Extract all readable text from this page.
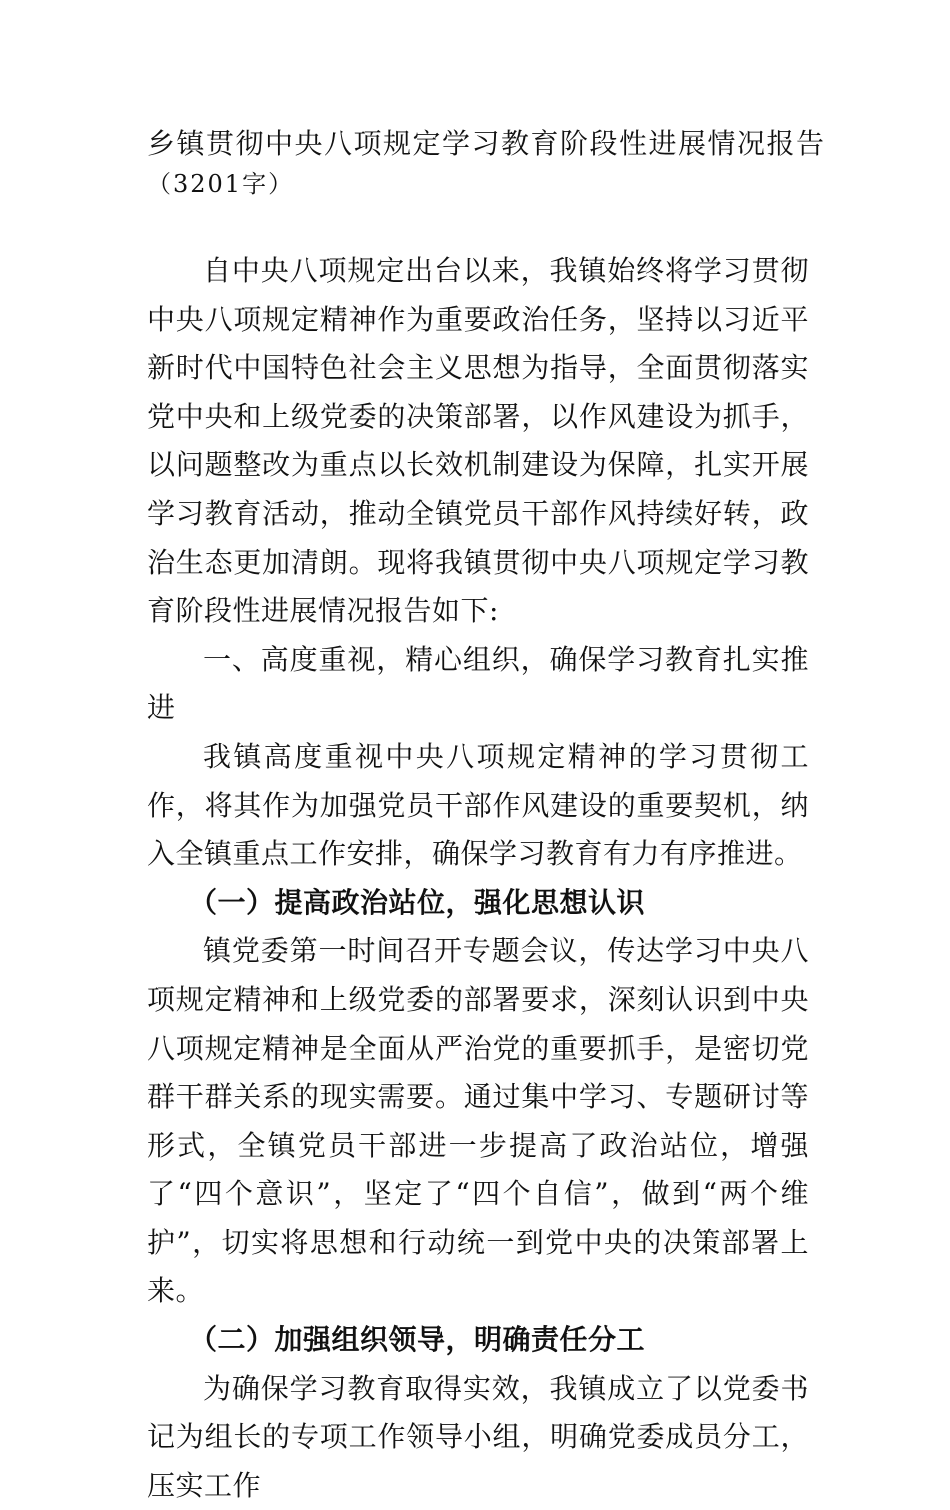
乡镇贯彻中央八项规定学习教育阶段性进展情况报告
（3201字）

自中央八项规定出台以来，我镇始终将学习贯彻中央八项规定精神作为重要政治任务，坚持以习近平新时代中国特色社会主义思想为指导，全面贯彻落实党中央和上级党委的决策部署，以作风建设为抓手，以问题整改为重点以长效机制建设为保障，扎实开展学习教育活动，推动全镇党员干部作风持续好转，政治生态更加清朗。现将我镇贯彻中央八项规定学习教育阶段性进展情况报告如下:

一、高度重视，精心组织，确保学习教育扎实推进

我镇高度重视中央八项规定精神的学习贯彻工作，将其作为加强党员干部作风建设的重要契机，纳入全镇重点工作安排，确保学习教育有力有序推进。

（一）提高政治站位，强化思想认识

镇党委第一时间召开专题会议，传达学习中央八项规定精神和上级党委的部署要求，深刻认识到中央八项规定精神是全面从严治党的重要抓手，是密切党群干群关系的现实需要。通过集中学习、专题研讨等形式，全镇党员干部进一步提高了政治站位，增强了“四个意识”，坚定了“四个自信”，做到“两个维护”，切实将思想和行动统一到党中央的决策部署上来。

（二）加强组织领导，明确责任分工

为确保学习教育取得实效，我镇成立了以党委书记为组长的专项工作领导小组，明确党委成员分工，压实工作
